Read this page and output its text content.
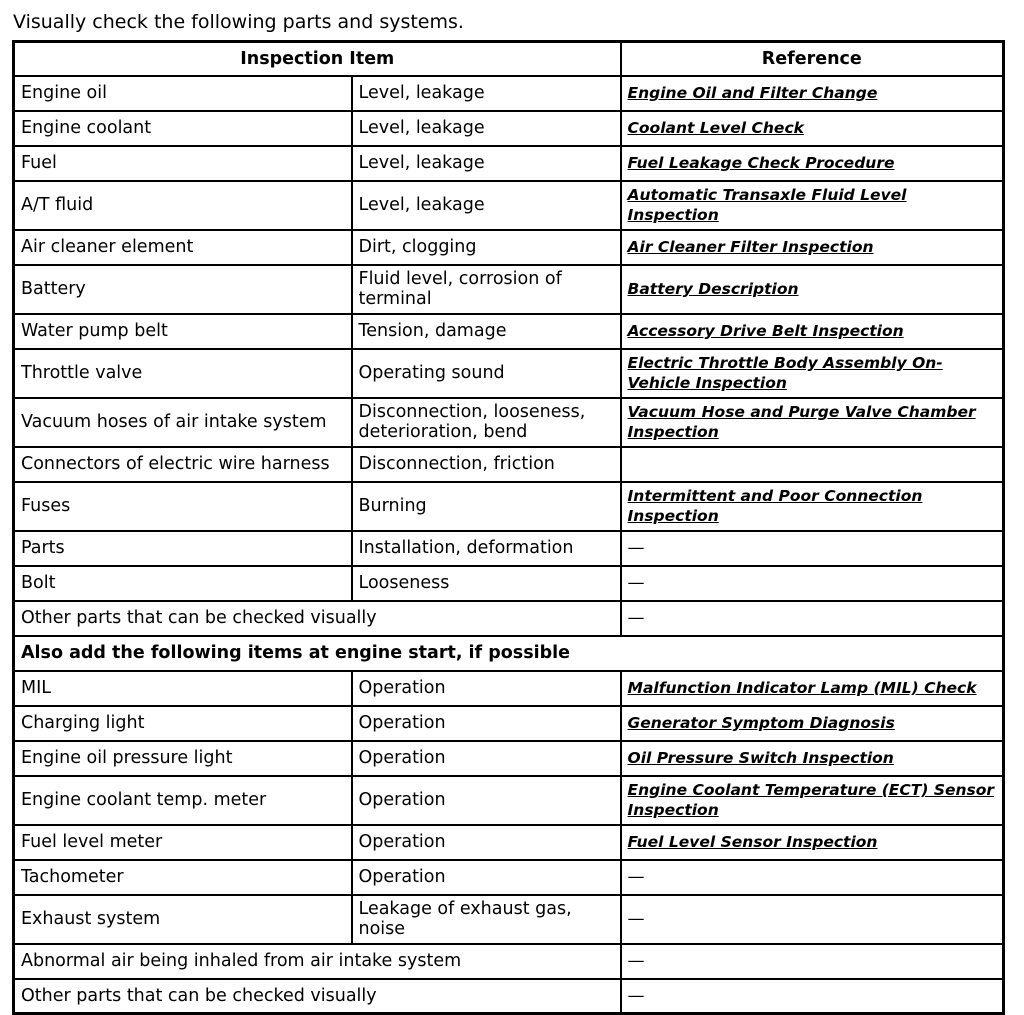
Visually check the following parts and systems.
Inspection Item		Reference
Engine oil	Level, leakage	Engine Oil and Filter Change
Engine coolant	Level, leakage	Coolant Level Check
Fuel	Level, leakage	Fuel Leakage Check Procedure
A/T fluid	Level, leakage	Automatic Transaxle Fluid Level Inspection
Air cleaner element	Dirt, clogging	Air Cleaner Filter Inspection
Battery	Fluid level, corrosion of terminal	Battery Description
Water pump belt	Tension, damage	Accessory Drive Belt Inspection
Throttle valve	Operating sound	Electric Throttle Body Assembly On-Vehicle Inspection
Vacuum hoses of air intake system	Disconnection, looseness, deterioration, bend	Vacuum Hose and Purge Valve Chamber Inspection
Connectors of electric wire harness	Disconnection, friction	
Fuses	Burning	Intermittent and Poor Connection Inspection
Parts	Installation, deformation	—
Bolt	Looseness	—
Other parts that can be checked visually		—
Also add the following items at engine start, if possible		
MIL	Operation	Malfunction Indicator Lamp (MIL) Check
Charging light	Operation	Generator Symptom Diagnosis
Engine oil pressure light	Operation	Oil Pressure Switch Inspection
Engine coolant temp. meter	Operation	Engine Coolant Temperature (ECT) Sensor Inspection
Fuel level meter	Operation	Fuel Level Sensor Inspection
Tachometer	Operation	—
Exhaust system	Leakage of exhaust gas, noise	—
Abnormal air being inhaled from air intake system		—
Other parts that can be checked visually		—
